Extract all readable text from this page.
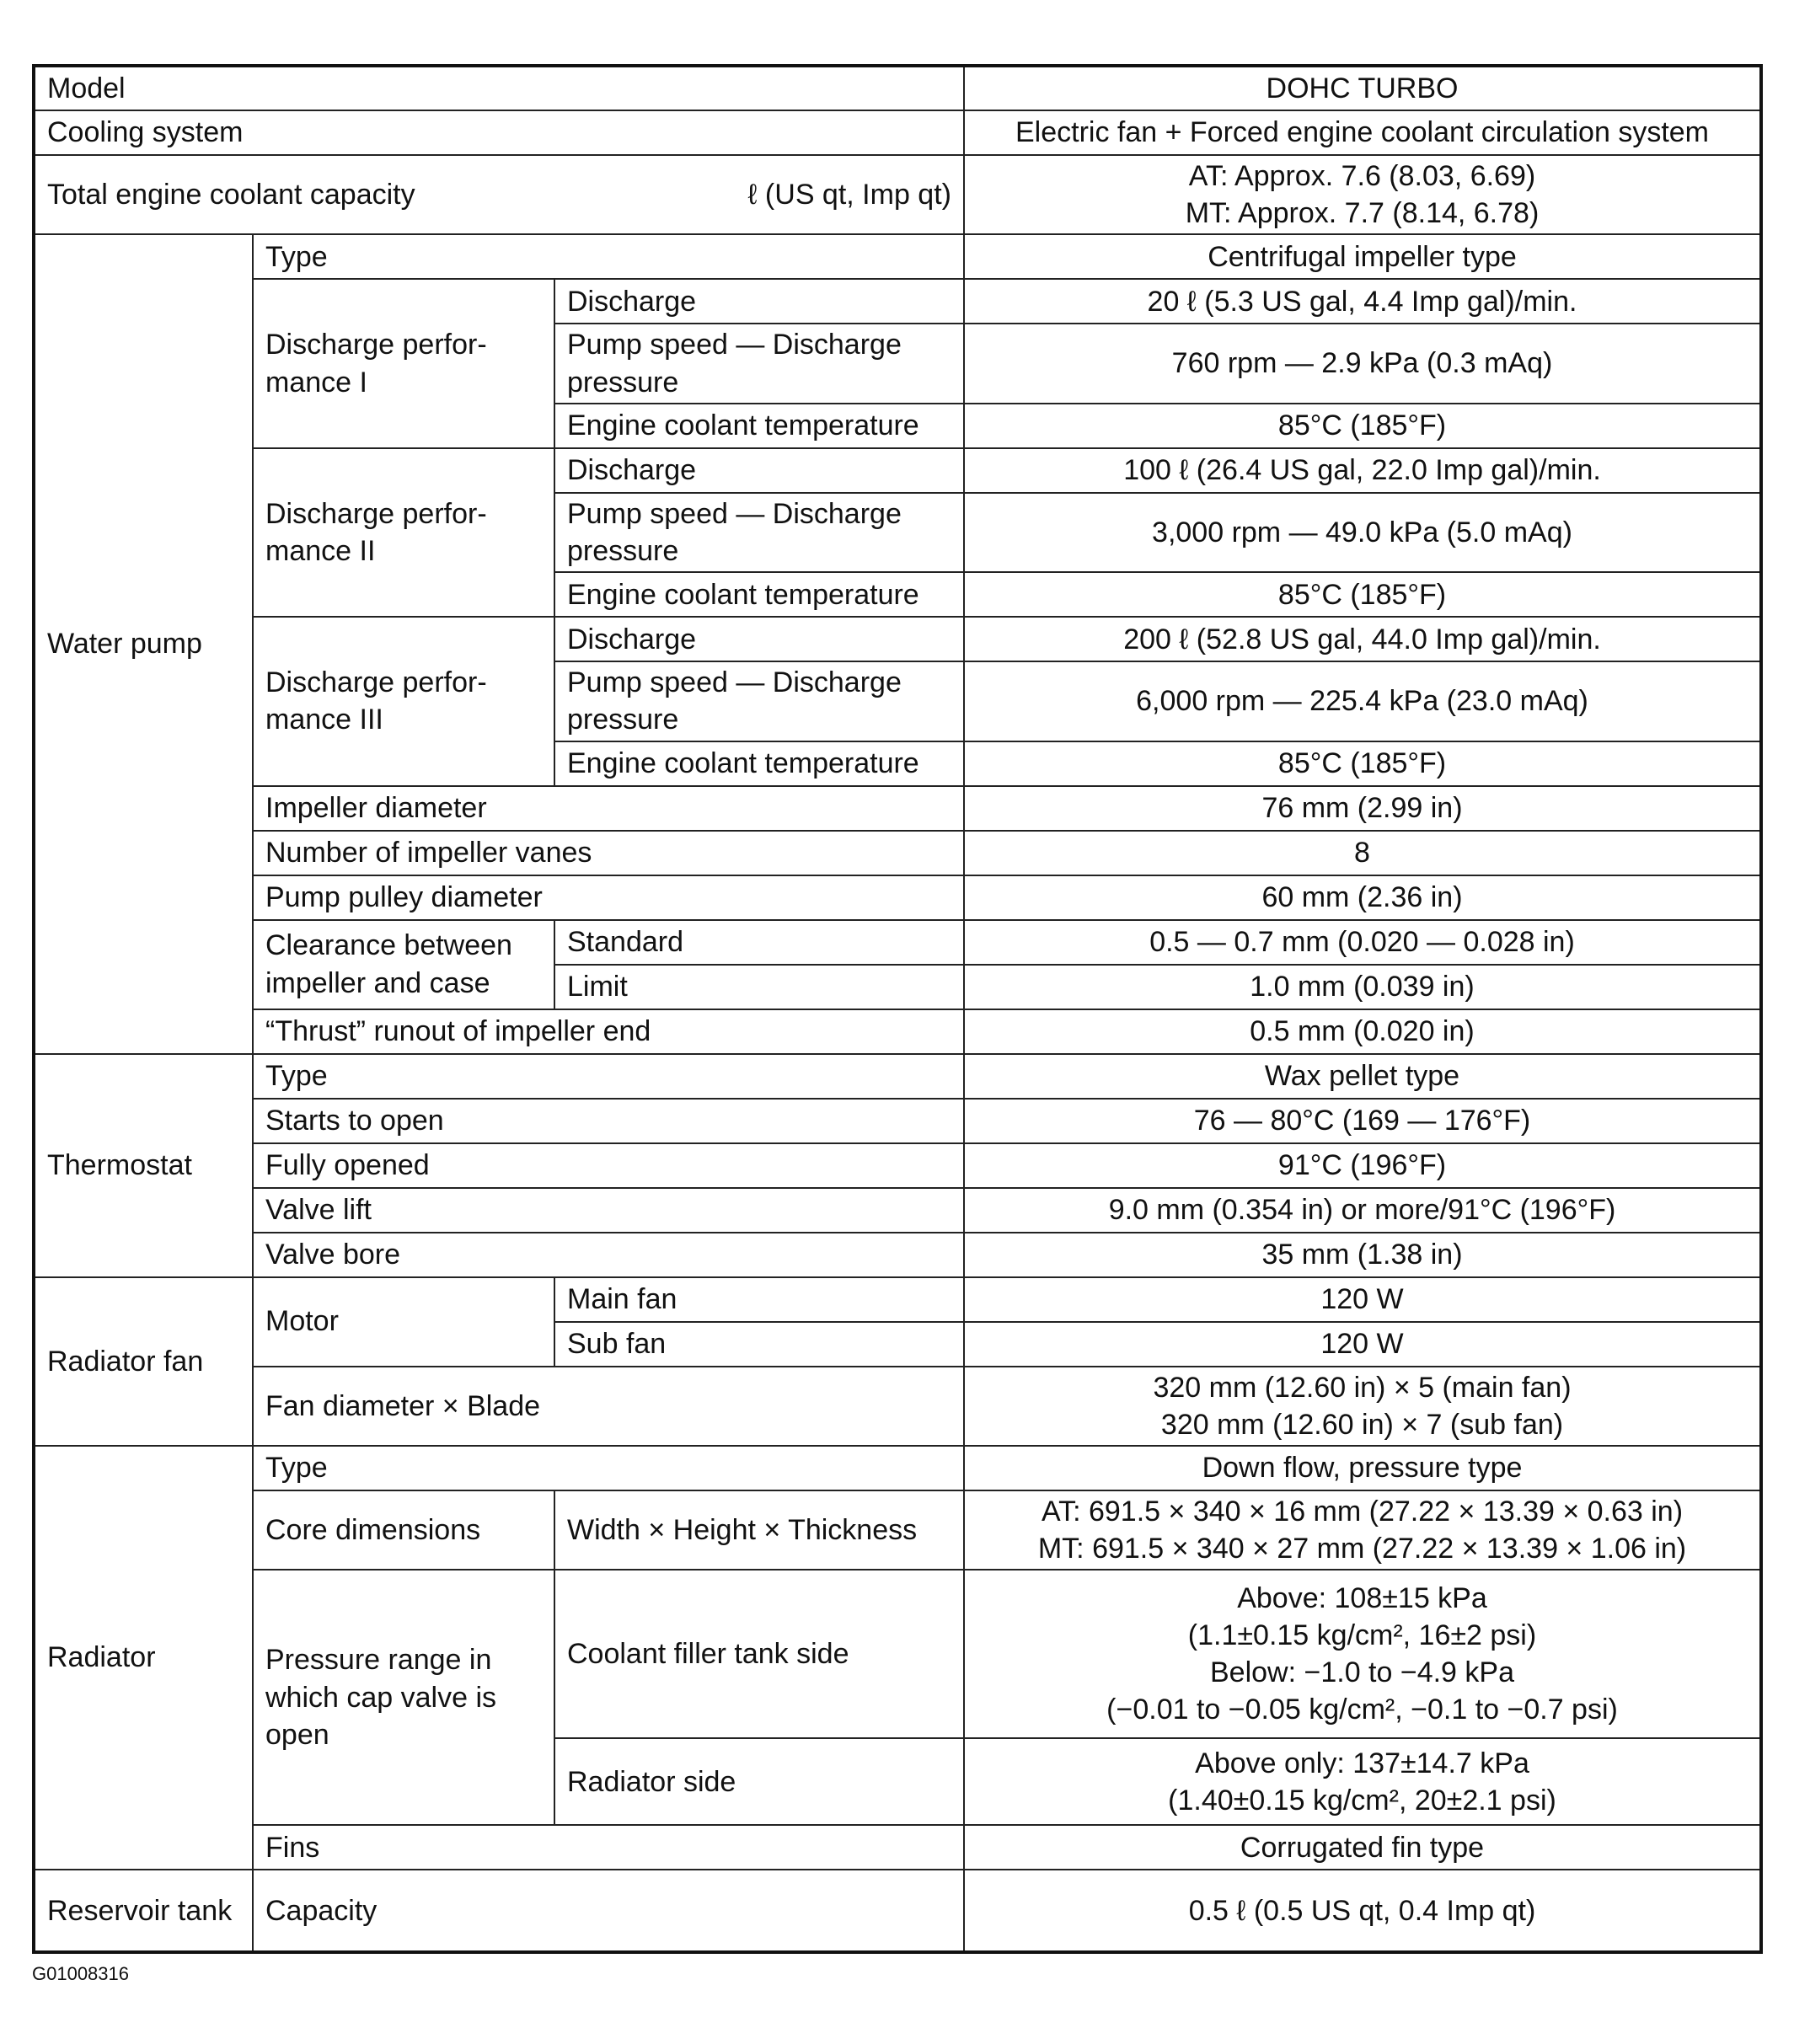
Model			DOHC TURBO
Cooling system			Electric fan + Forced engine coolant circulation system

Total engine coolant capacity ℓ (US qt, Imp qt)			AT: Approx. 7.6 (8.03, 6.69)
MT: Approx. 7.7 (8.14, 6.78)

Water pump	Type		Centrifugal impeller type
	Discharge perfor- mance I	Discharge	20 ℓ (5.3 US gal, 4.4 Imp gal)/min.
		Pump speed — Discharge pressure	760 rpm — 2.9 kPa (0.3 mAq)
		Engine coolant temperature	85°C (185°F)
	Discharge perfor- mance II	Discharge	100 ℓ (26.4 US gal, 22.0 Imp gal)/min.
		Pump speed — Discharge pressure	3,000 rpm — 49.0 kPa (5.0 mAq)
		Engine coolant temperature	85°C (185°F)
	Discharge perfor- mance III	Discharge	200 ℓ (52.8 US gal, 44.0 Imp gal)/min.
		Pump speed — Discharge pressure	6,000 rpm — 225.4 kPa (23.0 mAq)
		Engine coolant temperature	85°C (185°F)
	Impeller diameter		76 mm (2.99 in)
	Number of impeller vanes		8
	Pump pulley diameter		60 mm (2.36 in)
	Clearance between impeller and case	Standard	0.5 — 0.7 mm (0.020 — 0.028 in)
		Limit	1.0 mm (0.039 in)
	“Thrust” runout of impeller end		0.5 mm (0.020 in)
Thermostat	Type		Wax pellet type
	Starts to open		76 — 80°C (169 — 176°F)
	Fully opened		91°C (196°F)
	Valve lift		9.0 mm (0.354 in) or more/91°C (196°F)
	Valve bore		35 mm (1.38 in)
Radiator fan	Motor	Main fan	120 W
		Sub fan	120 W
	Fan diameter × Blade		320 mm (12.60 in) × 5 (main fan)
320 mm (12.60 in) × 7 (sub fan)

Radiator	Type		Down flow, pressure type
	Core dimensions	Width × Height × Thickness	AT: 691.5 × 340 × 16 mm (27.22 × 13.39 × 0.63 in)
MT: 691.5 × 340 × 27 mm (27.22 × 13.39 × 1.06 in)

	Pressure range in which cap valve is open	Coolant filler tank side	Above: 108±15 kPa
(1.1±0.15 kg/cm², 16±2 psi)
Below: −1.0 to −4.9 kPa
(−0.01 to −0.05 kg/cm², −0.1 to −0.7 psi)

		Radiator side	Above only: 137±14.7 kPa
(1.40±0.15 kg/cm², 20±2.1 psi)

	Fins		Corrugated fin type
Reservoir tank	Capacity		0.5 ℓ (0.5 US qt, 0.4 Imp qt)
G01008316
